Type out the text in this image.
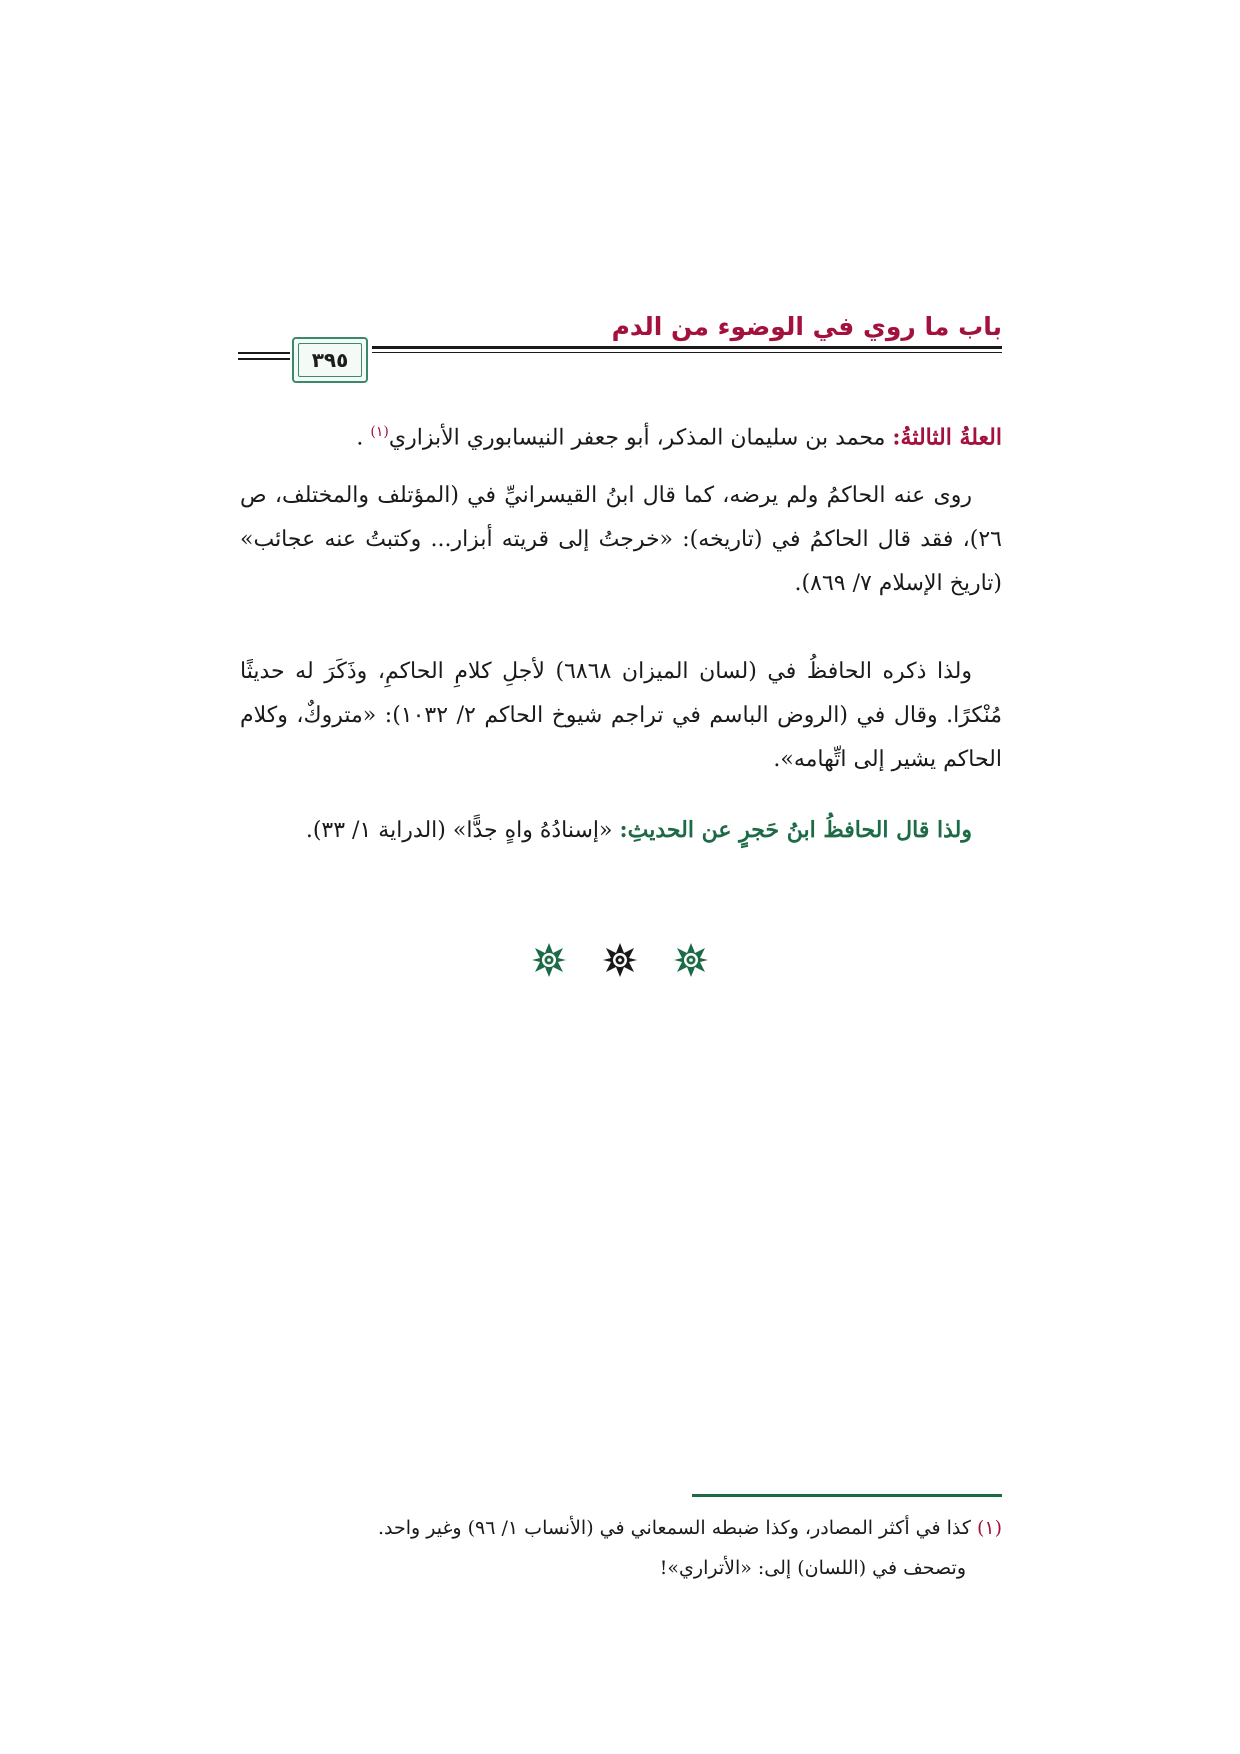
باب ما روي في الوضوء من الدم
٣٩٥
العلةُ الثالثةُ: محمد بن سليمان المذكر، أبو جعفر النيسابوري الأبزاري$^{(١)}$ .
روى عنه الحاكمُ ولم يرضه، كما قال ابنُ القيسرانيِّ في (المؤتلف والمختلف، ص ٢٦)، فقد قال الحاكمُ في (تاريخه): «خرجتُ إلى قريته أبزار... وكتبتُ عنه عجائب» (تاريخ الإسلام ٧/ ٨٦٩).
ولذا ذكره الحافظُ في (لسان الميزان ٦٨٦٨) لأجلِ كلامِ الحاكمِ، وذَكَرَ له حديثًا مُنْكرًا. وقال في (الروض الباسم في تراجم شيوخ الحاكم ٢/ ١٠٣٢): «متروكٌ، وكلام الحاكم يشير إلى اتِّهامه».
ولذا قال الحافظُ ابنُ حَجرٍ عن الحديثِ: «إسنادُهُ واهٍ جدًّا» (الدراية ١/ ٣٣).
(١) كذا في أكثر المصادر، وكذا ضبطه السمعاني في (الأنساب ١/ ٩٦) وغير واحد.
وتصحف في (اللسان) إلى: «الأتراري»!
